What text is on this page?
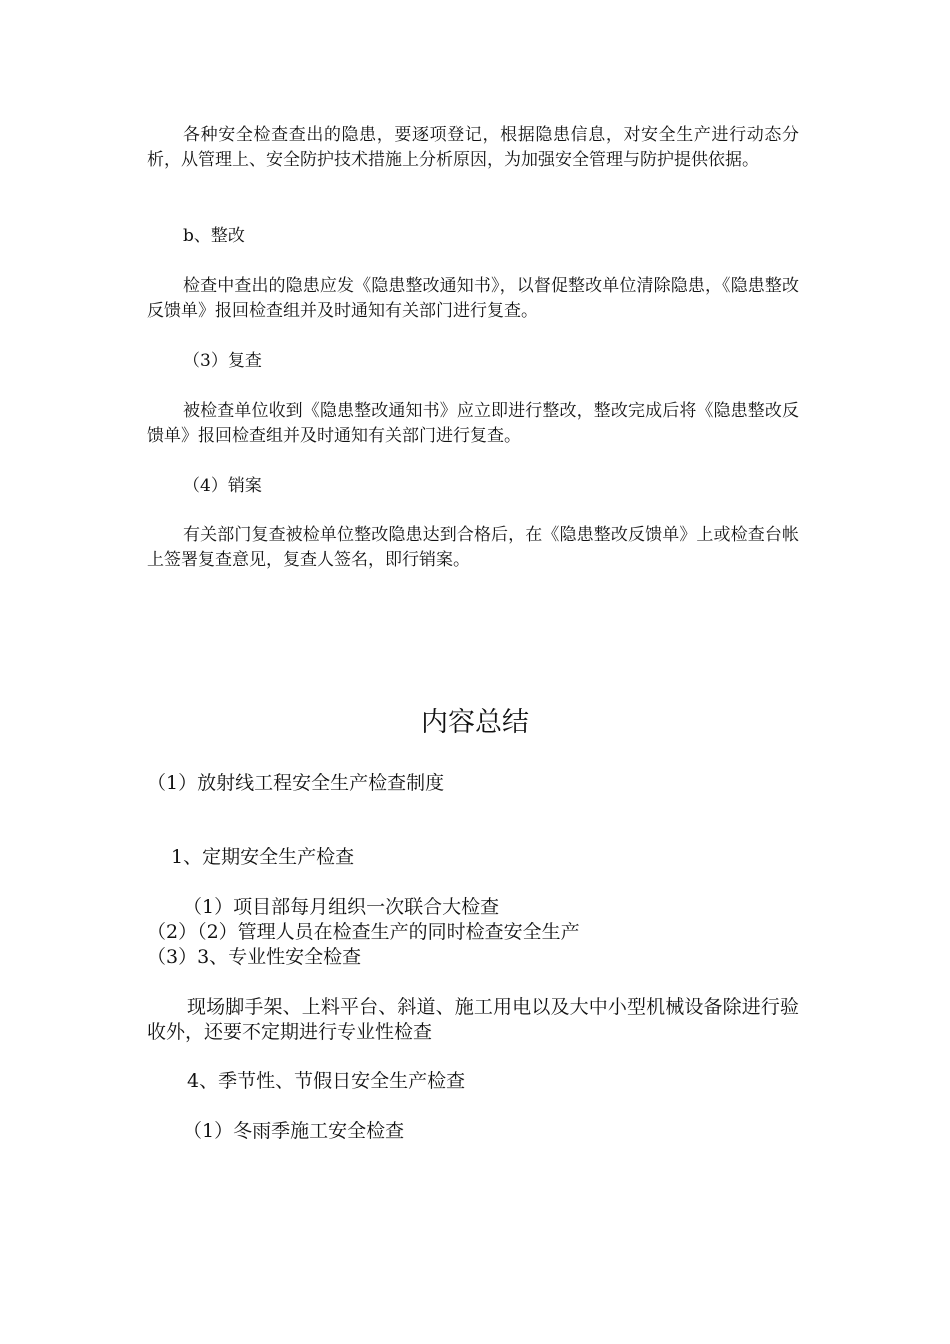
各种安全检查查出的隐患，要逐项登记，根据隐患信息，对安全生产进行动态分析，从管理上、安全防护技术措施上分析原因，为加强安全管理与防护提供依据。

b、整改

检查中查出的隐患应发《隐患整改通知书》，以督促整改单位清除隐患，《隐患整改反馈单》报回检查组并及时通知有关部门进行复查。

（3）复查

被检查单位收到《隐患整改通知书》应立即进行整改，整改完成后将《隐患整改反馈单》报回检查组并及时通知有关部门进行复查。

（4）销案

有关部门复查被检单位整改隐患达到合格后，在《隐患整改反馈单》上或检查台帐上签署复查意见，复查人签名，即行销案。

内容总结

（1）放射线工程安全生产检查制度

1、定期安全生产检查

（1）项目部每月组织一次联合大检查

（2）（2）管理人员在检查生产的同时检查安全生产

（3）3、专业性安全检查

现场脚手架、上料平台、斜道、施工用电以及大中小型机械设备除进行验收外，还要不定期进行专业性检查

4、季节性、节假日安全生产检查

（1）冬雨季施工安全检查
